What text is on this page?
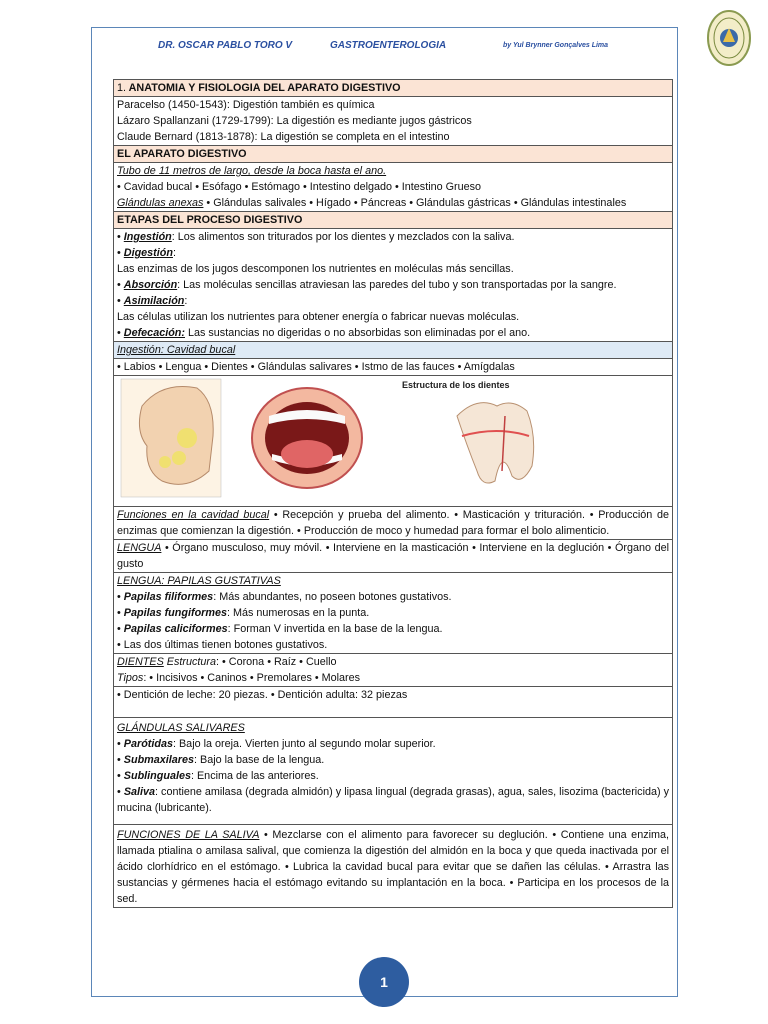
DR. OSCAR PABLO TORO V	GASTROENTEROLOGIA	by Yul Brynner Gonçalves Lima
1. ANATOMIA Y FISIOLOGIA DEL APARATO DIGESTIVO

Paracelso (1450-1543): Digestión también es química
Lázaro Spallanzani (1729-1799): La digestión es mediante jugos gástricos
Claude Bernard (1813-1878): La digestión se completa en el intestino

EL APARATO DIGESTIVO

Tubo de 11 metros de largo, desde la boca hasta el ano.
• Cavidad bucal • Esófago • Estómago • Intestino delgado • Intestino Grueso
Glándulas anexas • Glándulas salivales • Hígado • Páncreas • Glándulas gástricas • Glándulas intestinales

ETAPAS DEL PROCESO DIGESTIVO

• Ingestión: Los alimentos son triturados por los dientes y mezclados con la saliva.
• Digestión:
Las enzimas de los jugos descomponen los nutrientes en moléculas más sencillas.
• Absorción: Las moléculas sencillas atraviesan las paredes del tubo y son transportadas por la sangre.
• Asimilación:
Las células utilizan los nutrientes para obtener energía o fabricar nuevas moléculas.
• Defecación: Las sustancias no digeridas o no absorbidas son eliminadas por el ano.

Ingestión: Cavidad bucal
• Labios • Lengua • Dientes • Glándulas salivares • Istmo de las fauces • Amígdalas

Estructura de los dientes

Funciones en la cavidad bucal • Recepción y prueba del alimento. • Masticación y trituración. • Producción de enzimas que comienzan la digestión. • Producción de moco y humedad para formar el bolo alimenticio.
LENGUA • Órgano musculoso, muy móvil. • Interviene en la masticación • Interviene en la deglución • Órgano del gusto

LENGUA: PAPILAS GUSTATIVAS
• Papilas filiformes: Más abundantes, no poseen botones gustativos.
• Papilas fungiformes: Más numerosas en la punta.
• Papilas caliciformes: Forman V invertida en la base de la lengua.
• Las dos últimas tienen botones gustativos.

DIENTES Estructura: • Corona • Raíz • Cuello
Tipos: • Incisivos • Caninos • Premolares • Molares

• Dentición de leche: 20 piezas. • Dentición adulta: 32 piezas

GLÁNDULAS SALIVARES
• Parótidas: Bajo la oreja. Vierten junto al segundo molar superior.
• Submaxilares: Bajo la base de la lengua.
• Sublinguales: Encima de las anteriores.
• Saliva: contiene amilasa (degrada almidón) y lipasa lingual (degrada grasas), agua, sales, lisozima (bactericida) y mucina (lubricante).

FUNCIONES DE LA SALIVA • Mezclarse con el alimento para favorecer su deglución. • Contiene una enzima, llamada ptialina o amilasa salival, que comienza la digestión del almidón en la boca y que queda inactivada por el ácido clorhídrico en el estómago. • Lubrica la cavidad bucal para evitar que se dañen las células. • Arrastra las sustancias y gérmenes hacia el estómago evitando su implantación en la boca. • Participa en los procesos de la sed.
1
